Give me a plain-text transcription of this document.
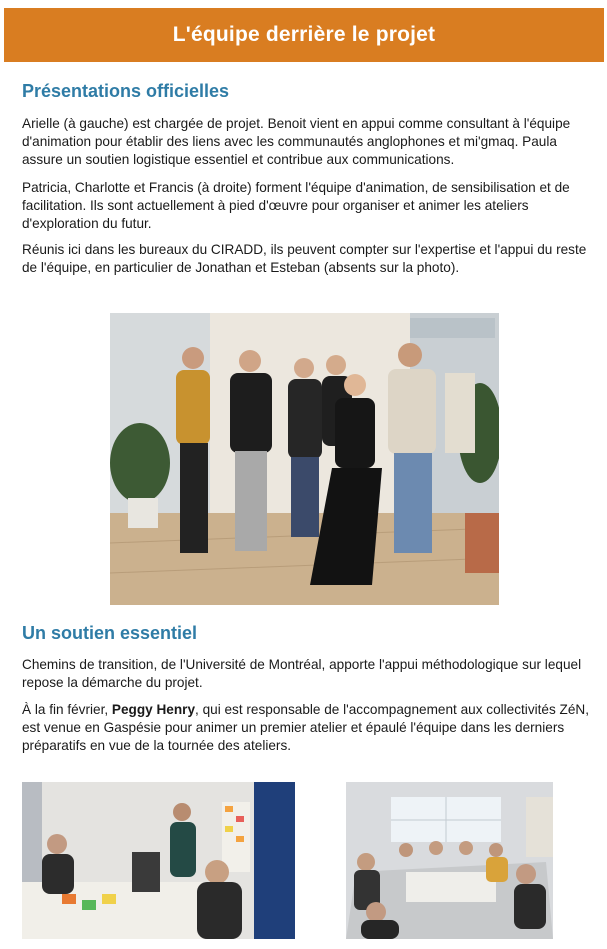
L'équipe derrière le projet
Présentations officielles

Arielle (à gauche) est chargée de projet. Benoit vient en appui comme consultant à l'équipe d'animation pour établir des liens avec les communautés anglophones et mi'gmaq. Paula assure un soutien logistique essentiel et contribue aux communications.

Patricia, Charlotte et Francis (à droite) forment l'équipe d'animation, de sensibilisation et de facilitation. Ils sont actuellement à pied d'œuvre pour organiser et animer les ateliers d'exploration du futur.

Réunis ici dans les bureaux du CIRADD, ils peuvent compter sur l'expertise et l'appui du reste de l'équipe, en particulier de Jonathan et Esteban (absents sur la photo).

Un soutien essentiel

Chemins de transition, de l'Université de Montréal, apporte l'appui méthodologique sur lequel repose la démarche du projet.

À la fin février, Peggy Henry, qui est responsable de l'accompagnement aux collectivités ZéN, est venue en Gaspésie pour animer un premier atelier et épaulé l'équipe dans les derniers préparatifs en vue de la tournée des ateliers.
